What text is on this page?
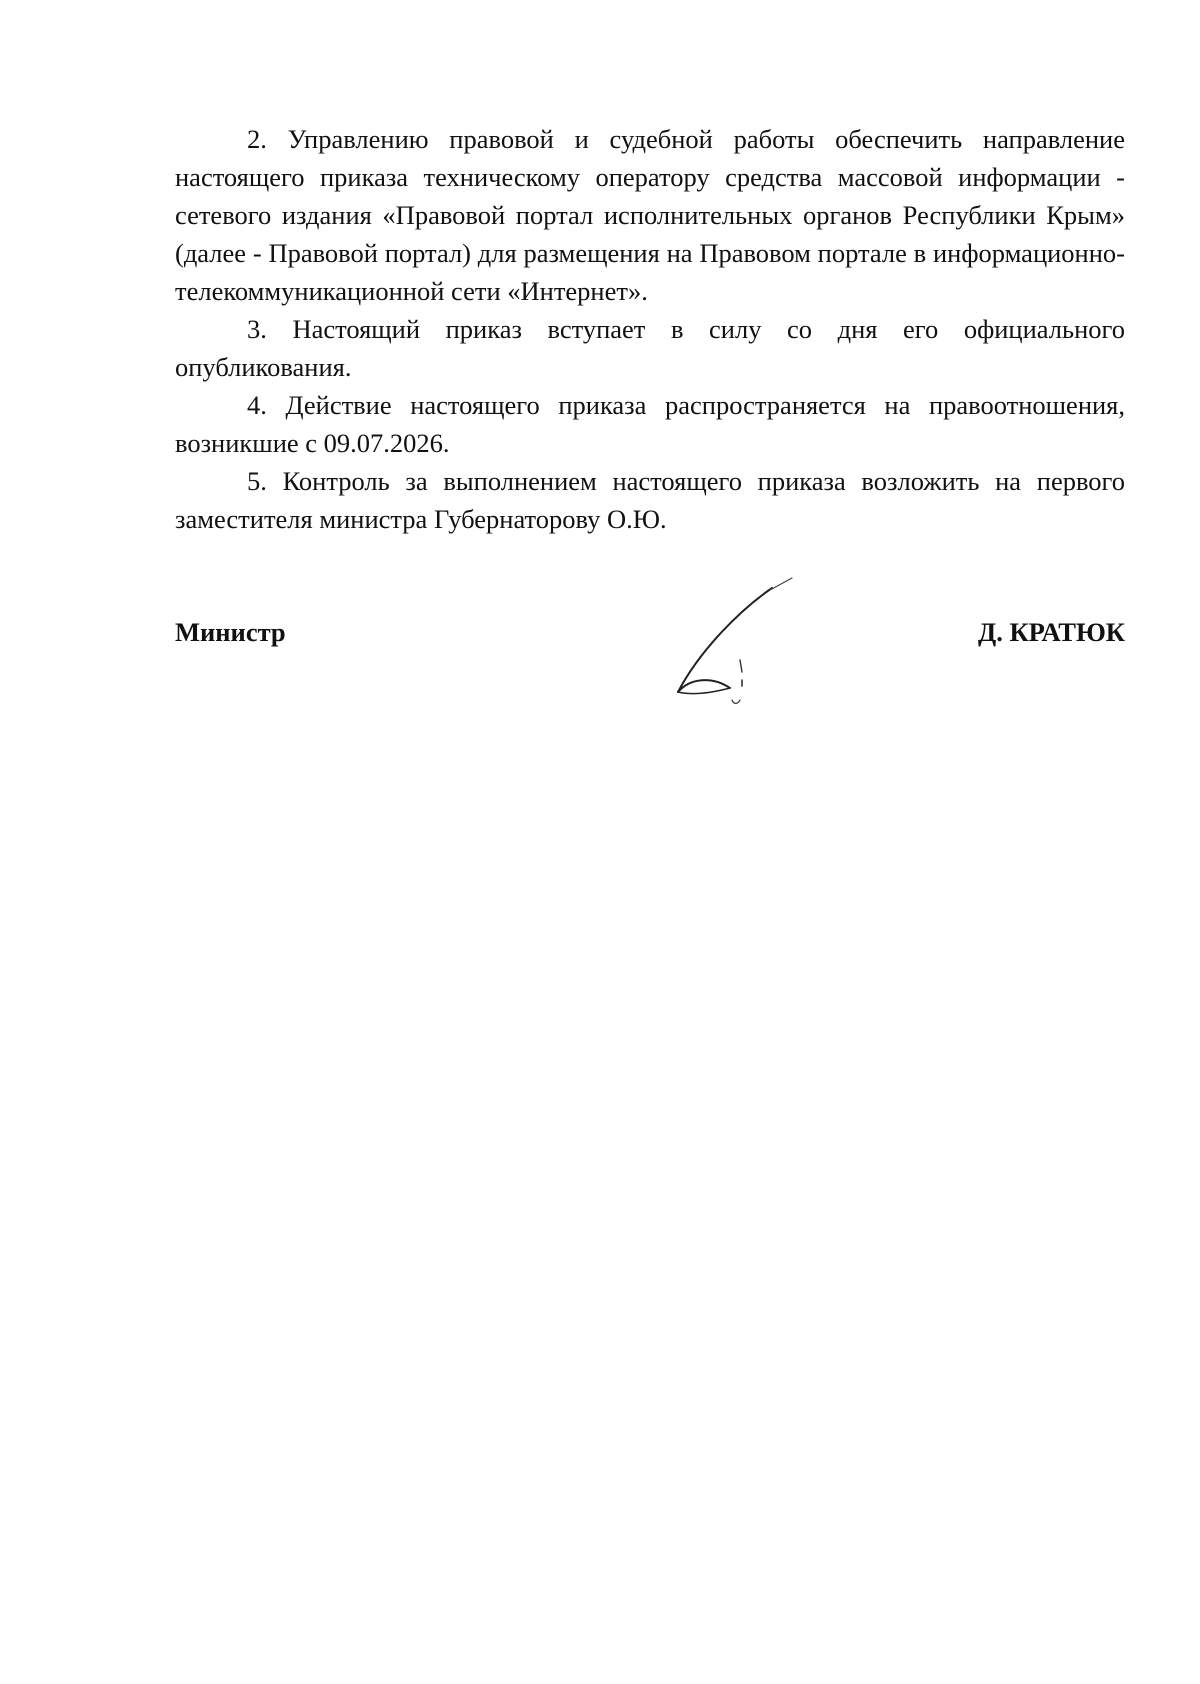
2. Управлению правовой и судебной работы обеспечить направление настоящего приказа техническому оператору средства массовой информации - сетевого издания «Правовой портал исполнительных органов Республики Крым» (далее - Правовой портал) для размещения на Правовом портале в информационно-телекоммуникационной сети «Интернет».

3. Настоящий приказ вступает в силу со дня его официального опубликования.

4. Действие настоящего приказа распространяется на правоотношения, возникшие с 09.07.2026.

5. Контроль за выполнением настоящего приказа возложить на первого заместителя министра Губернаторову О.Ю.

Министр	Д. КРАТЮК
